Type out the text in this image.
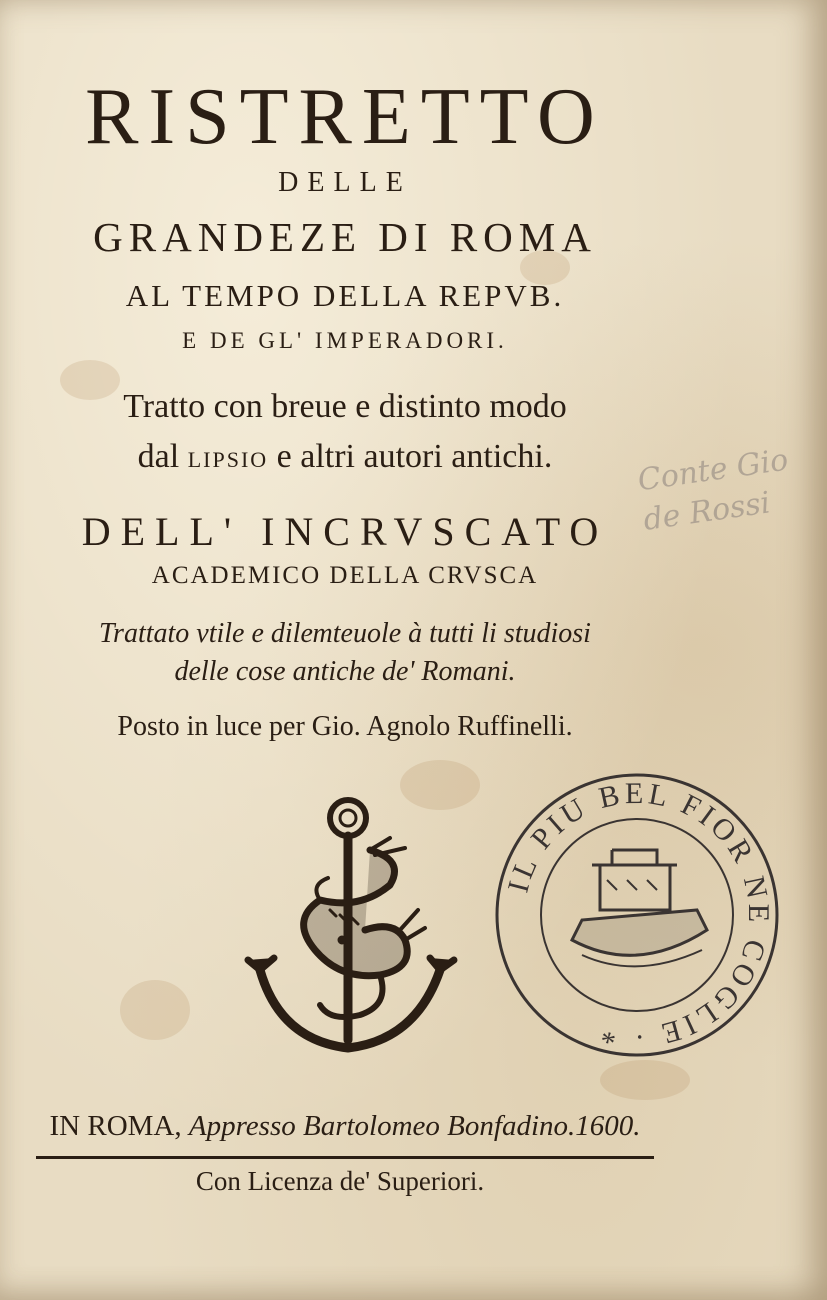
RISTRETTO
DELLE
GRANDEZE DI ROMA
AL TEMPO DELLA REPVB.
E DE GL' IMPERADORI.
Tratto con breue e distinto modo
dal LIPSIO e altri autori antichi.
DELL' INCRVSCATO
ACADEMICO DELLA CRVSCA
Trattato vtile e dilетteuole à tutti li studiosi
delle cose antiche de' Romani.
Posto in luce per Gio. Agnolo Ruffinelli.
Conte Gio
de Rossi
IL PIU BEL FIOR NE COGLIE · *
IN ROMA, Appresso Bartolomeo Bonfadino.1600.
Con Licenza de' Superiori.
